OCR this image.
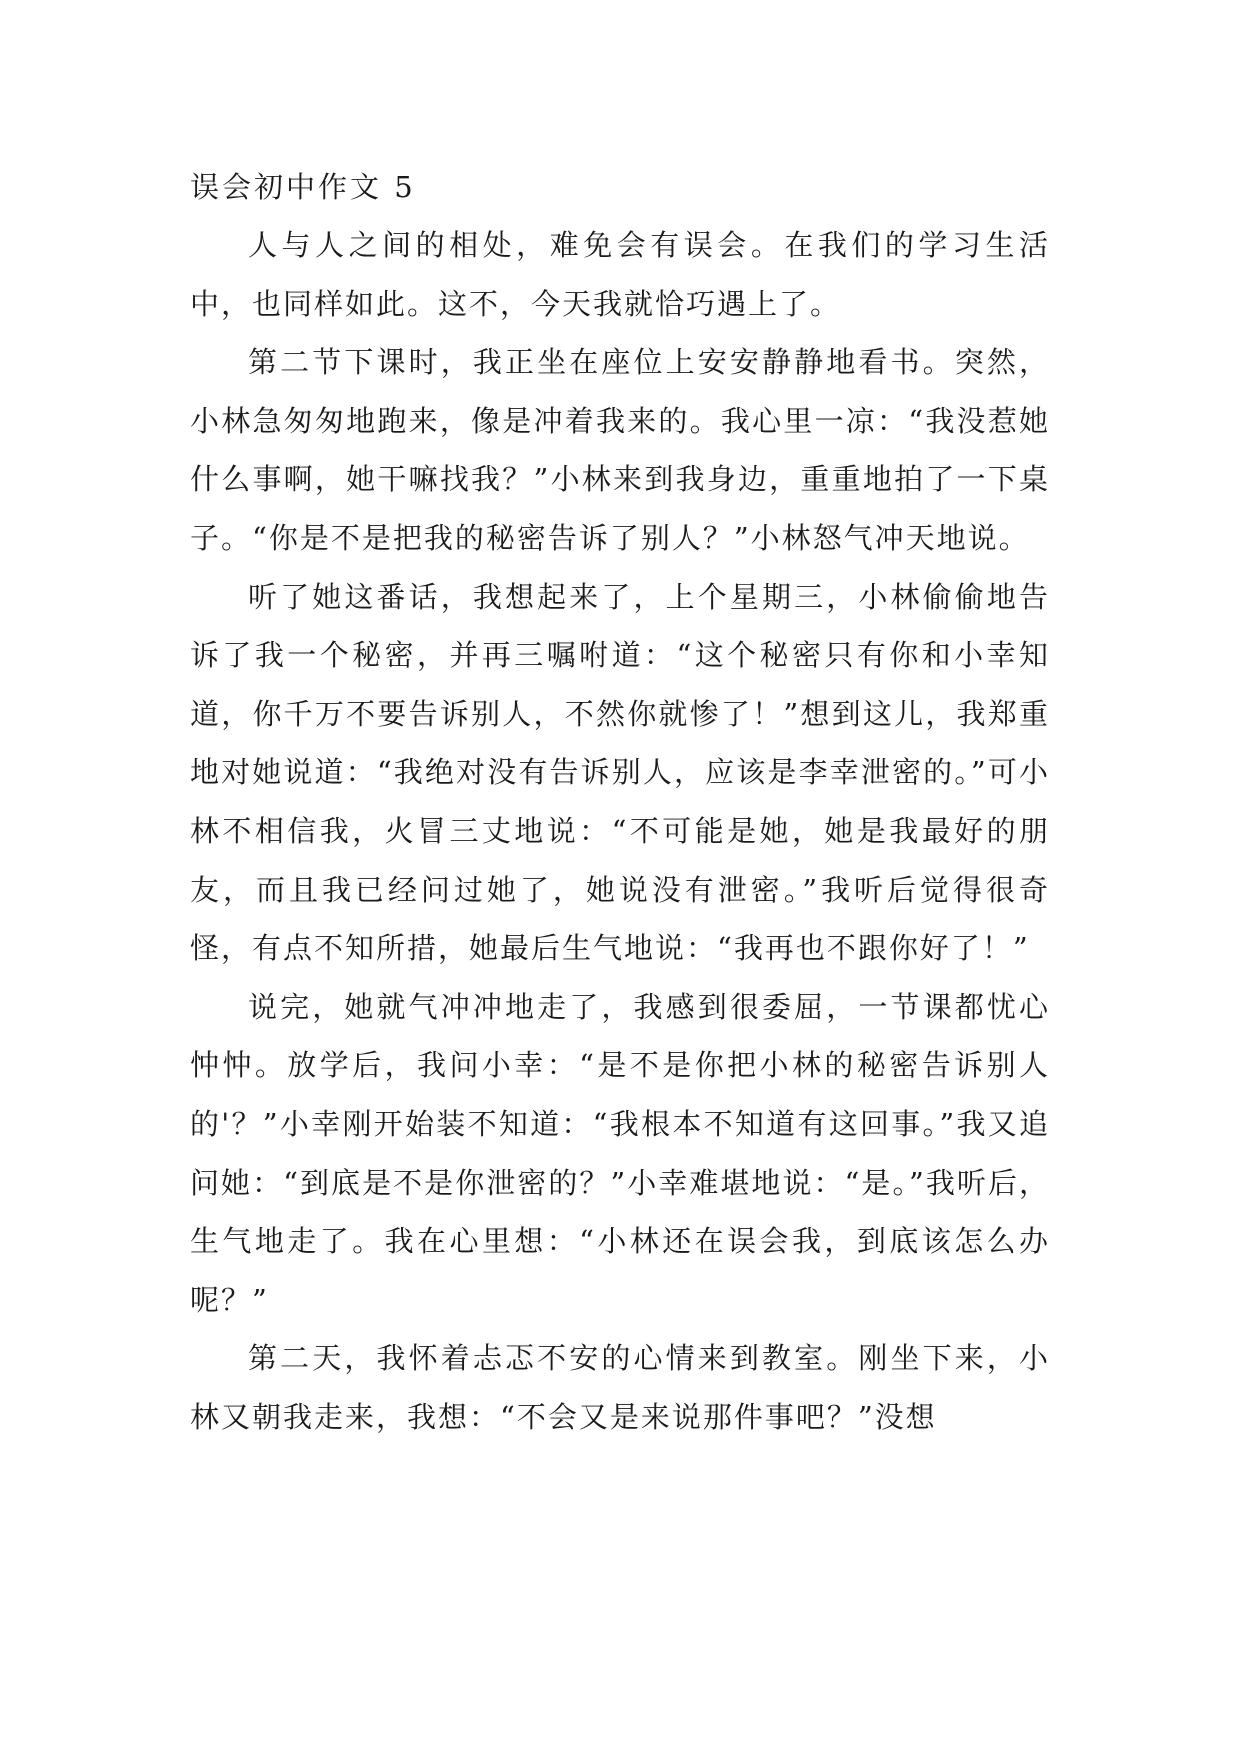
误会初中作文 5

人与人之间的相处，难免会有误会。在我们的学习生活中，也同样如此。这不，今天我就恰巧遇上了。

第二节下课时，我正坐在座位上安安静静地看书。突然，小林急匆匆地跑来，像是冲着我来的。我心里一凉：“我没惹她什么事啊，她干嘛找我？”小林来到我身边，重重地拍了一下桌子。“你是不是把我的秘密告诉了别人？”小林怒气冲天地说。

听了她这番话，我想起来了，上个星期三，小林偷偷地告诉了我一个秘密，并再三嘱咐道：“这个秘密只有你和小幸知道，你千万不要告诉别人，不然你就惨了！”想到这儿，我郑重地对她说道：“我绝对没有告诉别人，应该是李幸泄密的。”可小林不相信我，火冒三丈地说：“不可能是她，她是我最好的朋友，而且我已经问过她了，她说没有泄密。”我听后觉得很奇怪，有点不知所措，她最后生气地说：“我再也不跟你好了！”

说完，她就气冲冲地走了，我感到很委屈，一节课都忧心忡忡。放学后，我问小幸：“是不是你把小林的秘密告诉别人的'？”小幸刚开始装不知道：“我根本不知道有这回事。”我又追问她：“到底是不是你泄密的？”小幸难堪地说：“是。”我听后，生气地走了。我在心里想：“小林还在误会我，到底该怎么办呢？”

第二天，我怀着忐忑不安的心情来到教室。刚坐下来，小林又朝我走来，我想：“不会又是来说那件事吧？”没想
